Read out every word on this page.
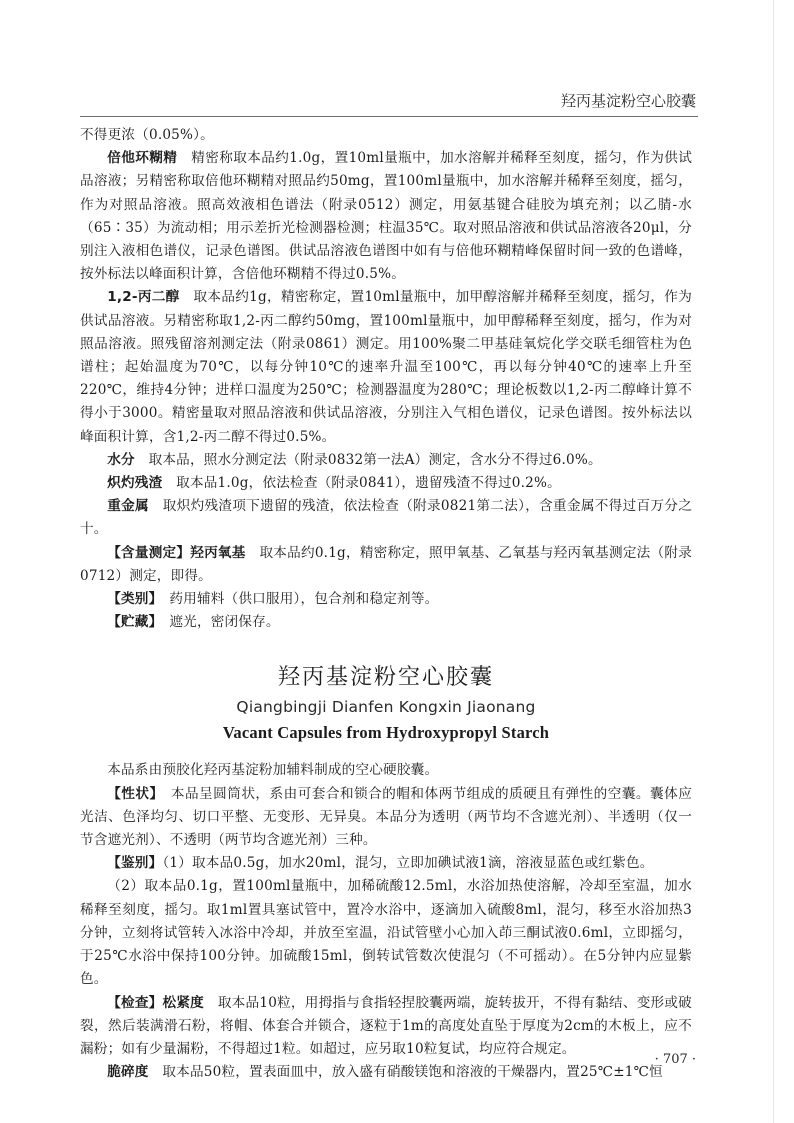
羟丙基淀粉空心胶囊

不得更浓（0.05%）。

倍他环糊精　精密称取本品约1.0g，置10ml量瓶中，加水溶解并稀释至刻度，摇匀，作为供试品溶液；另精密称取倍他环糊精对照品约50mg，置100ml量瓶中，加水溶解并稀释至刻度，摇匀，作为对照品溶液。照高效液相色谱法（附录0512）测定，用氨基键合硅胶为填充剂；以乙腈-水（65∶35）为流动相；用示差折光检测器检测；柱温35℃。取对照品溶液和供试品溶液各20μl，分别注入液相色谱仪，记录色谱图。供试品溶液色谱图中如有与倍他环糊精峰保留时间一致的色谱峰，按外标法以峰面积计算，含倍他环糊精不得过0.5%。

1,2-丙二醇　取本品约1g，精密称定，置10ml量瓶中，加甲醇溶解并稀释至刻度，摇匀，作为供试品溶液。另精密称取1,2-丙二醇约50mg，置100ml量瓶中，加甲醇稀释至刻度，摇匀，作为对照品溶液。照残留溶剂测定法（附录0861）测定。用100%聚二甲基硅氧烷化学交联毛细管柱为色谱柱；起始温度为70℃，以每分钟10℃的速率升温至100℃，再以每分钟40℃的速率上升至220℃，维持4分钟；进样口温度为250℃；检测器温度为280℃；理论板数以1,2-丙二醇峰计算不得小于3000。精密量取对照品溶液和供试品溶液，分别注入气相色谱仪，记录色谱图。按外标法以峰面积计算，含1,2-丙二醇不得过0.5%。

水分　取本品，照水分测定法（附录0832第一法A）测定，含水分不得过6.0%。

炽灼残渣　取本品1.0g，依法检查（附录0841），遗留残渣不得过0.2%。

重金属　取炽灼残渣项下遗留的残渣，依法检查（附录0821第二法），含重金属不得过百万分之十。

【含量测定】羟丙氧基　取本品约0.1g，精密称定，照甲氧基、乙氧基与羟丙氧基测定法（附录0712）测定，即得。

【类别】　药用辅料（供口服用），包合剂和稳定剂等。

【贮藏】　遮光，密闭保存。

羟丙基淀粉空心胶囊
Qiangbingji Dianfen Kongxin Jiaonang
Vacant Capsules from Hydroxypropyl Starch

本品系由预胶化羟丙基淀粉加辅料制成的空心硬胶囊。

【性状】　本品呈圆筒状，系由可套合和锁合的帽和体两节组成的质硬且有弹性的空囊。囊体应光洁、色泽均匀、切口平整、无变形、无异臭。本品分为透明（两节均不含遮光剂）、半透明（仅一节含遮光剂）、不透明（两节均含遮光剂）三种。

【鉴别】（1）取本品0.5g，加水20ml，混匀，立即加碘试液1滴，溶液显蓝色或红紫色。

（2）取本品0.1g，置100ml量瓶中，加稀硫酸12.5ml，水浴加热使溶解，冷却至室温，加水稀释至刻度，摇匀。取1ml置具塞试管中，置冷水浴中，逐滴加入硫酸8ml，混匀，移至水浴加热3分钟，立刻将试管转入冰浴中冷却，并放至室温，沿试管壁小心加入茚三酮试液0.6ml，立即摇匀，于25℃水浴中保持100分钟。加硫酸15ml，倒转试管数次使混匀（不可摇动）。在5分钟内应显紫色。

【检查】松紧度　取本品10粒，用拇指与食指轻捏胶囊两端，旋转拔开，不得有黏结、变形或破裂，然后装满滑石粉，将帽、体套合并锁合，逐粒于1m的高度处直坠于厚度为2cm的木板上，应不漏粉；如有少量漏粉，不得超过1粒。如超过，应另取10粒复试，均应符合规定。

脆碎度　取本品50粒，置表面皿中，放入盛有硝酸镁饱和溶液的干燥器内，置25℃±1℃恒

· 707 ·
